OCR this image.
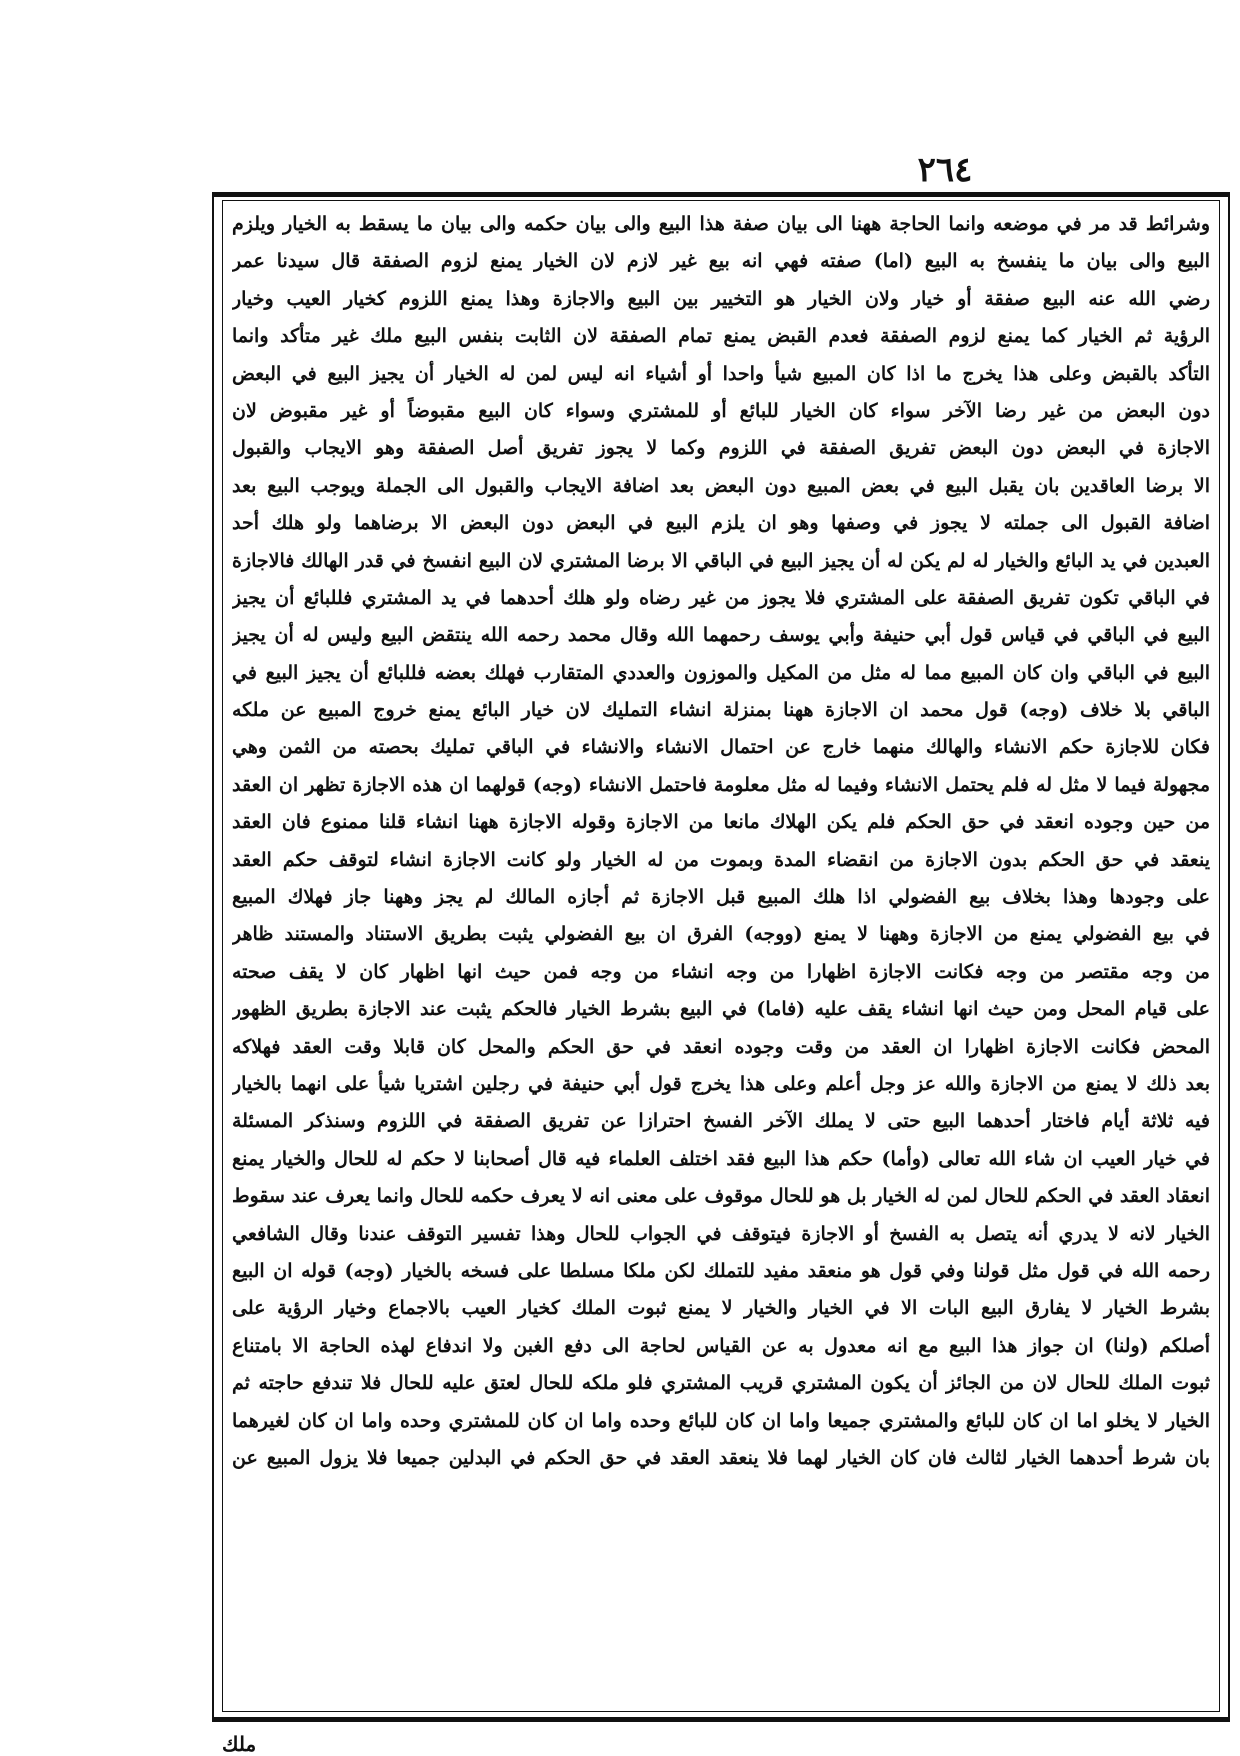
٢٦٤
وشرائط قد مر في موضعه وانما الحاجة ههنا الى بيان صفة هذا البيع والى بيان حكمه والى بيان ما يسقط به الخيار ويلزم
البيع والى بيان ما ينفسخ به البيع (اما) صفته فهي انه بيع غير لازم لان الخيار يمنع لزوم الصفقة قال سيدنا عمر
رضي الله عنه البيع صفقة أو خيار ولان الخيار هو التخيير بين البيع والاجازة وهذا يمنع اللزوم كخيار العيب وخيار
الرؤية ثم الخيار كما يمنع لزوم الصفقة فعدم القبض يمنع تمام الصفقة لان الثابت بنفس البيع ملك غير متأكد وانما
التأكد بالقبض وعلى هذا يخرج ما اذا كان المبيع شيأ واحدا أو أشياء انه ليس لمن له الخيار أن يجيز البيع في البعض
دون البعض من غير رضا الآخر سواء كان الخيار للبائع أو للمشتري وسواء كان البيع مقبوضاً أو غير مقبوض لان
الاجازة في البعض دون البعض تفريق الصفقة في اللزوم وكما لا يجوز تفريق أصل الصفقة وهو الايجاب والقبول
الا برضا العاقدين بان يقبل البيع في بعض المبيع دون البعض بعد اضافة الايجاب والقبول الى الجملة ويوجب البيع بعد
اضافة القبول الى جملته لا يجوز في وصفها وهو ان يلزم البيع في البعض دون البعض الا برضاهما ولو هلك أحد
العبدين في يد البائع والخيار له لم يكن له أن يجيز البيع في الباقي الا برضا المشتري لان البيع انفسخ في قدر الهالك فالاجازة
في الباقي تكون تفريق الصفقة على المشتري فلا يجوز من غير رضاه ولو هلك أحدهما في يد المشتري فللبائع أن يجيز
البيع في الباقي في قياس قول أبي حنيفة وأبي يوسف رحمهما الله وقال محمد رحمه الله ينتقض البيع وليس له أن يجيز
البيع في الباقي وان كان المبيع مما له مثل من المكيل والموزون والعددي المتقارب فهلك بعضه فللبائع أن يجيز البيع في
الباقي بلا خلاف (وجه) قول محمد ان الاجازة ههنا بمنزلة انشاء التمليك لان خيار البائع يمنع خروج المبيع عن ملكه
فكان للاجازة حكم الانشاء والهالك منهما خارج عن احتمال الانشاء والانشاء في الباقي تمليك بحصته من الثمن وهي
مجهولة فيما لا مثل له فلم يحتمل الانشاء وفيما له مثل معلومة فاحتمل الانشاء (وجه) قولهما ان هذه الاجازة تظهر ان العقد
من حين وجوده انعقد في حق الحكم فلم يكن الهلاك مانعا من الاجازة وقوله الاجازة ههنا انشاء قلنا ممنوع فان العقد
ينعقد في حق الحكم بدون الاجازة من انقضاء المدة وبموت من له الخيار ولو كانت الاجازة انشاء لتوقف حكم العقد
على وجودها وهذا بخلاف بيع الفضولي اذا هلك المبيع قبل الاجازة ثم أجازه المالك لم يجز وههنا جاز فهلاك المبيع
في بيع الفضولي يمنع من الاجازة وههنا لا يمنع (ووجه) الفرق ان بيع الفضولي يثبت بطريق الاستناد والمستند ظاهر
من وجه مقتصر من وجه فكانت الاجازة اظهارا من وجه انشاء من وجه فمن حيث انها اظهار كان لا يقف صحته
على قيام المحل ومن حيث انها انشاء يقف عليه (فاما) في البيع بشرط الخيار فالحكم يثبت عند الاجازة بطريق الظهور
المحض فكانت الاجازة اظهارا ان العقد من وقت وجوده انعقد في حق الحكم والمحل كان قابلا وقت العقد فهلاكه
بعد ذلك لا يمنع من الاجازة والله عز وجل أعلم وعلى هذا يخرج قول أبي حنيفة في رجلين اشتريا شيأ على انهما بالخيار
فيه ثلاثة أيام فاختار أحدهما البيع حتى لا يملك الآخر الفسخ احترازا عن تفريق الصفقة في اللزوم وسنذكر المسئلة
في خيار العيب ان شاء الله تعالى (وأما) حكم هذا البيع فقد اختلف العلماء فيه قال أصحابنا لا حكم له للحال والخيار يمنع
انعقاد العقد في الحكم للحال لمن له الخيار بل هو للحال موقوف على معنى انه لا يعرف حكمه للحال وانما يعرف عند سقوط
الخيار لانه لا يدري أنه يتصل به الفسخ أو الاجازة فيتوقف في الجواب للحال وهذا تفسير التوقف عندنا وقال الشافعي
رحمه الله في قول مثل قولنا وفي قول هو منعقد مفيد للتملك لكن ملكا مسلطا على فسخه بالخيار (وجه) قوله ان البيع
بشرط الخيار لا يفارق البيع البات الا في الخيار والخيار لا يمنع ثبوت الملك كخيار العيب بالاجماع وخيار الرؤية على
أصلكم (ولنا) ان جواز هذا البيع مع انه معدول به عن القياس لحاجة الى دفع الغبن ولا اندفاع لهذه الحاجة الا بامتناع
ثبوت الملك للحال لان من الجائز أن يكون المشتري قريب المشتري فلو ملكه للحال لعتق عليه للحال فلا تندفع حاجته ثم
الخيار لا يخلو اما ان كان للبائع والمشتري جميعا واما ان كان للبائع وحده واما ان كان للمشتري وحده واما ان كان لغيرهما
بان شرط أحدهما الخيار لثالث فان كان الخيار لهما فلا ينعقد العقد في حق الحكم في البدلين جميعا فلا يزول المبيع عن
ملك
